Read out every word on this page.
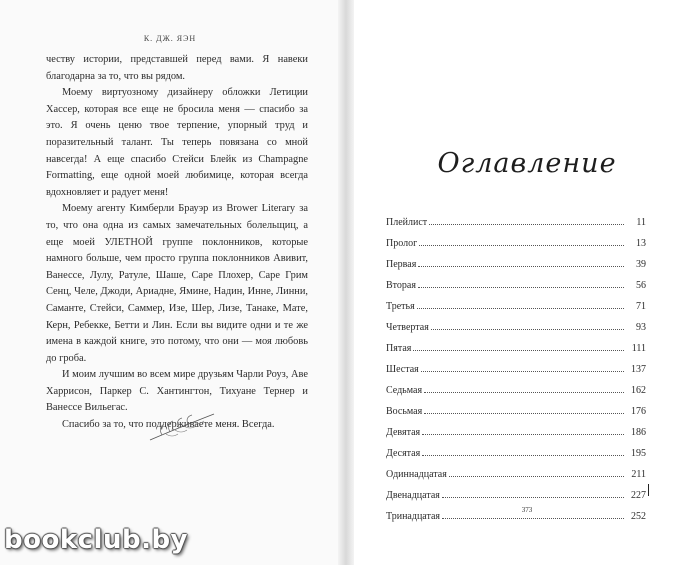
К. ДЖ. ЯЭН

честву истории, представшей перед вами. Я навеки благодарна за то, что вы рядом.

Моему виртуозному дизайнеру обложки Летиции Хассер, которая все еще не бросила меня — спасибо за это. Я очень ценю твое терпение, упорный труд и поразительный талант. Ты теперь повязана со мной навсегда! А еще спасибо Стейси Блейк из Champagne Formatting, еще одной моей любимице, которая всегда вдохновляет и радует меня!

Моему агенту Кимберли Брауэр из Brower Literary за то, что она одна из самых замечательных болельщиц, а еще моей УЛЕТНОЙ группе поклонников, которые намного больше, чем просто группа поклонников Авивит, Ванессе, Лулу, Ратуле, Шаше, Саре Плохер, Саре Грим Сенц, Челе, Джоди, Ариадне, Ямине, Надин, Инне, Линни, Саманте, Стейси, Саммер, Изе, Шер, Лизе, Танаке, Мате, Керн, Ребекке, Бетти и Лин. Если вы видите одни и те же имена в каждой книге, это потому, что они — моя любовь до гроба.

И моим лучшим во всем мире друзьям Чарли Роуз, Аве Харрисон, Паркер С. Хантингтон, Тихуане Тернер и Ванессе Вильегас.

Спасибо за то, что поддерживаете меня. Всегда.

Оглавление
Плейлист	11
Пролог	13
Первая	39
Вторая	56
Третья	71
Четвертая	93
Пятая	111
Шестая	137
Седьмая	162
Восьмая	176
Девятая	186
Десятая	195
Одиннадцатая	211
Двенадцатая	227
Тринадцатая	252
373
bookclub.by
